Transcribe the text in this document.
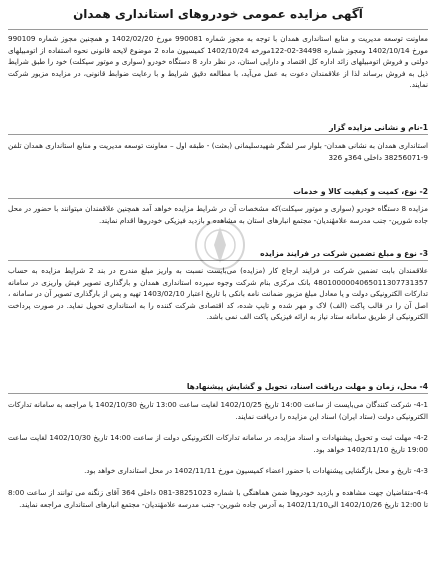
آگهی مزایده عمومی خودروهای استانداری همدان

معاونت توسعه مدیریت و منابع استانداری همدان با توجه به مجوز شماره 990081 مورخ 1402/02/20 و همچنین مجوز شماره 990109 مورخ 1402/10/14 ومجوز شماره 34498-02-122مورخه 1402/10/24 کمیسیون ماده 2 موضوع لایحه قانونی نحوه استفاده از اتومبیلهای دولتی و فروش اتومبیلهای زائد اداره کل اقتصاد و دارایی استان، در نظر دارد 8 دستگاه خودرو (سواری و موتور سیکلت) خود را طبق شرایط ذیل به فروش برساند لذا از علاقمندان دعوت به عمل می‌آید، با مطالعه دقیق شرایط و با رعایت ضوابط قانونی، در مزایده مزبور شرکت نمایند.

1-نام و نشانی مزایده گزار

استانداری همدان به نشانی همدان- بلوار سر لشگر شهیدسلیمانی (بعثت) - طبقه اول – معاونت توسعه مدیریت و منابع استانداری همدان تلفن 9-38256071 داخلی 364و 326

2- نوع، کمیت و کیفیت کالا و خدمات

مزایده 8 دستگاه خودرو (سواری و موتور سیکلت)که مشخصات آن در شرایط مزایده خواهد آمد همچنین علاقمندان میتوانند با حضور در محل جاده شورین- جنب مدرسه علامهٔندیان- مجتمع انبارهای استان به مشاهده و بازدید فیزیکی خودروها اقدام نمایند.

3- نوع و مبلغ تضمین شرکت در فرایند مزایده

علاقمندان بابت تضمین شرکت در فرایند ارجاع کار (مزایده) می‌بایست نسبت به واریز مبلغ مندرج در بند 2 شرایط مزایده به حساب 4801000004065011307731357 بانک مرکزی بنام شرکت وجوه سپرده استانداری همدان و بارگذاری تصویر فیش واریزی در سامانه تدارکات الکترونیکی دولت و یا معادل مبلغ مزبور ضمانت نامه بانکی با تاریخ اعتبار 1403/02/10 تهیه و پس از بارگذاری تصویر آن در سامانه ، اصل آن را در قالب پاکت (الف) لاک و مهر شده و تایپ شده، کد اقتصادی شرکت کننده را به استانداری تحویل نماید. در صورت پرداخت الکترونیکی از طریق سامانه ستاد نیاز به ارائه فیزیکی پاکت الف نمی باشد.

4- محل، زمان و مهلت دریافت اسناد، تحویل و گشایش پیشنهادها

4-1- شرکت کنندگان می‌بایست از ساعت 14:00 تاریخ 1402/10/25 لغایت ساعت 13:00 تاریخ 1402/10/30 با مراجعه به سامانه تدارکات الکترونیکی دولت (ستاد ایران) اسناد این مزایده را دریافت نمایند.

4-2- مهلت ثبت و تحویل پیشنهادات و اسناد مزایده، در سامانه تدارکات الکترونیکی دولت از ساعت 14:00 تاریخ 1402/10/30 لغایت ساعت 19:00 تاریخ 1402/11/10 خواهد بود.

4-3- تاریخ و محل بازگشایی پیشنهادات با حضور اعضاء کمیسیون مورخ 1402/11/11 در محل استانداری خواهد بود.

4-4-متقاضیان جهت مشاهده و بازدید خودروها ضمن هماهنگی با شماره 38251023-081 داخلی 364 آقای زنگنه می توانند از ساعت 8:00 تا 12:00 تاریخ 1402/10/26 الی1402/11/10 به آدرس جاده شورین- جنب مدرسه علامهٔندیان- مجتمع انبارهای استانداری مراجعه نمایند.
